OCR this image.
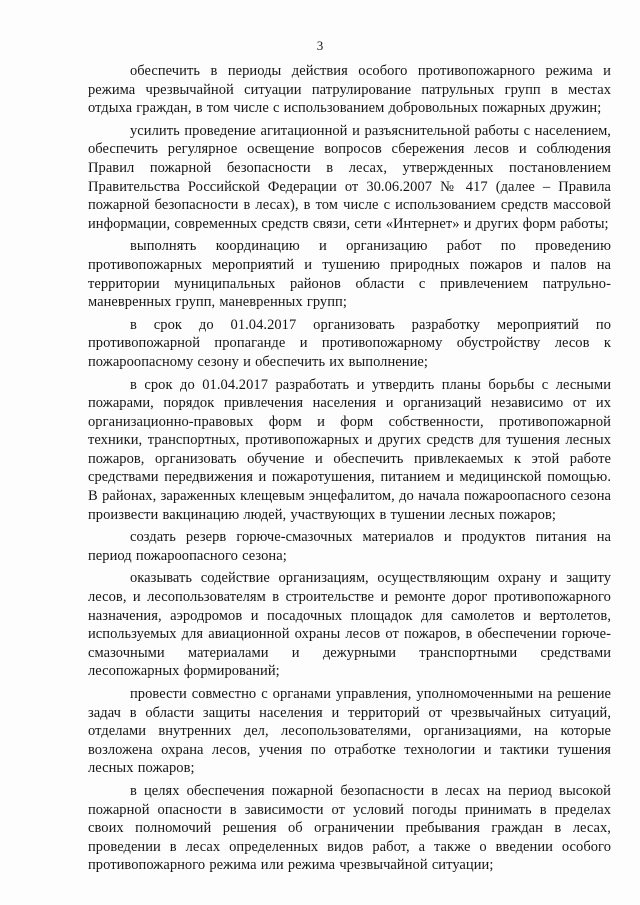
3

обеспечить в периоды действия особого противопожарного режима и режима чрезвычайной ситуации патрулирование патрульных групп в местах отдыха граждан, в том числе с использованием добровольных пожарных дружин;

усилить проведение агитационной и разъяснительной работы с населением, обеспечить регулярное освещение вопросов сбережения лесов и соблюдения Правил пожарной безопасности в лесах, утвержденных постановлением Правительства Российской Федерации от 30.06.2007 № 417 (далее – Правила пожарной безопасности в лесах), в том числе с использованием средств массовой информации, современных средств связи, сети «Интернет» и других форм работы;

выполнять координацию и организацию работ по проведению противопожарных мероприятий и тушению природных пожаров и палов на территории муниципальных районов области с привлечением патрульно-маневренных групп, маневренных групп;

в срок до 01.04.2017 организовать разработку мероприятий по противопожарной пропаганде и противопожарному обустройству лесов к пожароопасному сезону и обеспечить их выполнение;

в срок до 01.04.2017 разработать и утвердить планы борьбы с лесными пожарами, порядок привлечения населения и организаций независимо от их организационно-правовых форм и форм собственности, противопожарной техники, транспортных, противопожарных и других средств для тушения лесных пожаров, организовать обучение и обеспечить привлекаемых к этой работе средствами передвижения и пожаротушения, питанием и медицинской помощью. В районах, зараженных клещевым энцефалитом, до начала пожароопасного сезона произвести вакцинацию людей, участвующих в тушении лесных пожаров;

создать резерв горюче-смазочных материалов и продуктов питания на период пожароопасного сезона;

оказывать содействие организациям, осуществляющим охрану и защиту лесов, и лесопользователям в строительстве и ремонте дорог противопожарного назначения, аэродромов и посадочных площадок для самолетов и вертолетов, используемых для авиационной охраны лесов от пожаров, в обеспечении горюче-смазочными материалами и дежурными транспортными средствами лесопожарных формирований;

провести совместно с органами управления, уполномоченными на решение задач в области защиты населения и территорий от чрезвычайных ситуаций, отделами внутренних дел, лесопользователями, организациями, на которые возложена охрана лесов, учения по отработке технологии и тактики тушения лесных пожаров;

в целях обеспечения пожарной безопасности в лесах на период высокой пожарной опасности в зависимости от условий погоды принимать в пределах своих полномочий решения об ограничении пребывания граждан в лесах, проведении в лесах определенных видов работ, а также о введении особого противопожарного режима или режима чрезвычайной ситуации;
